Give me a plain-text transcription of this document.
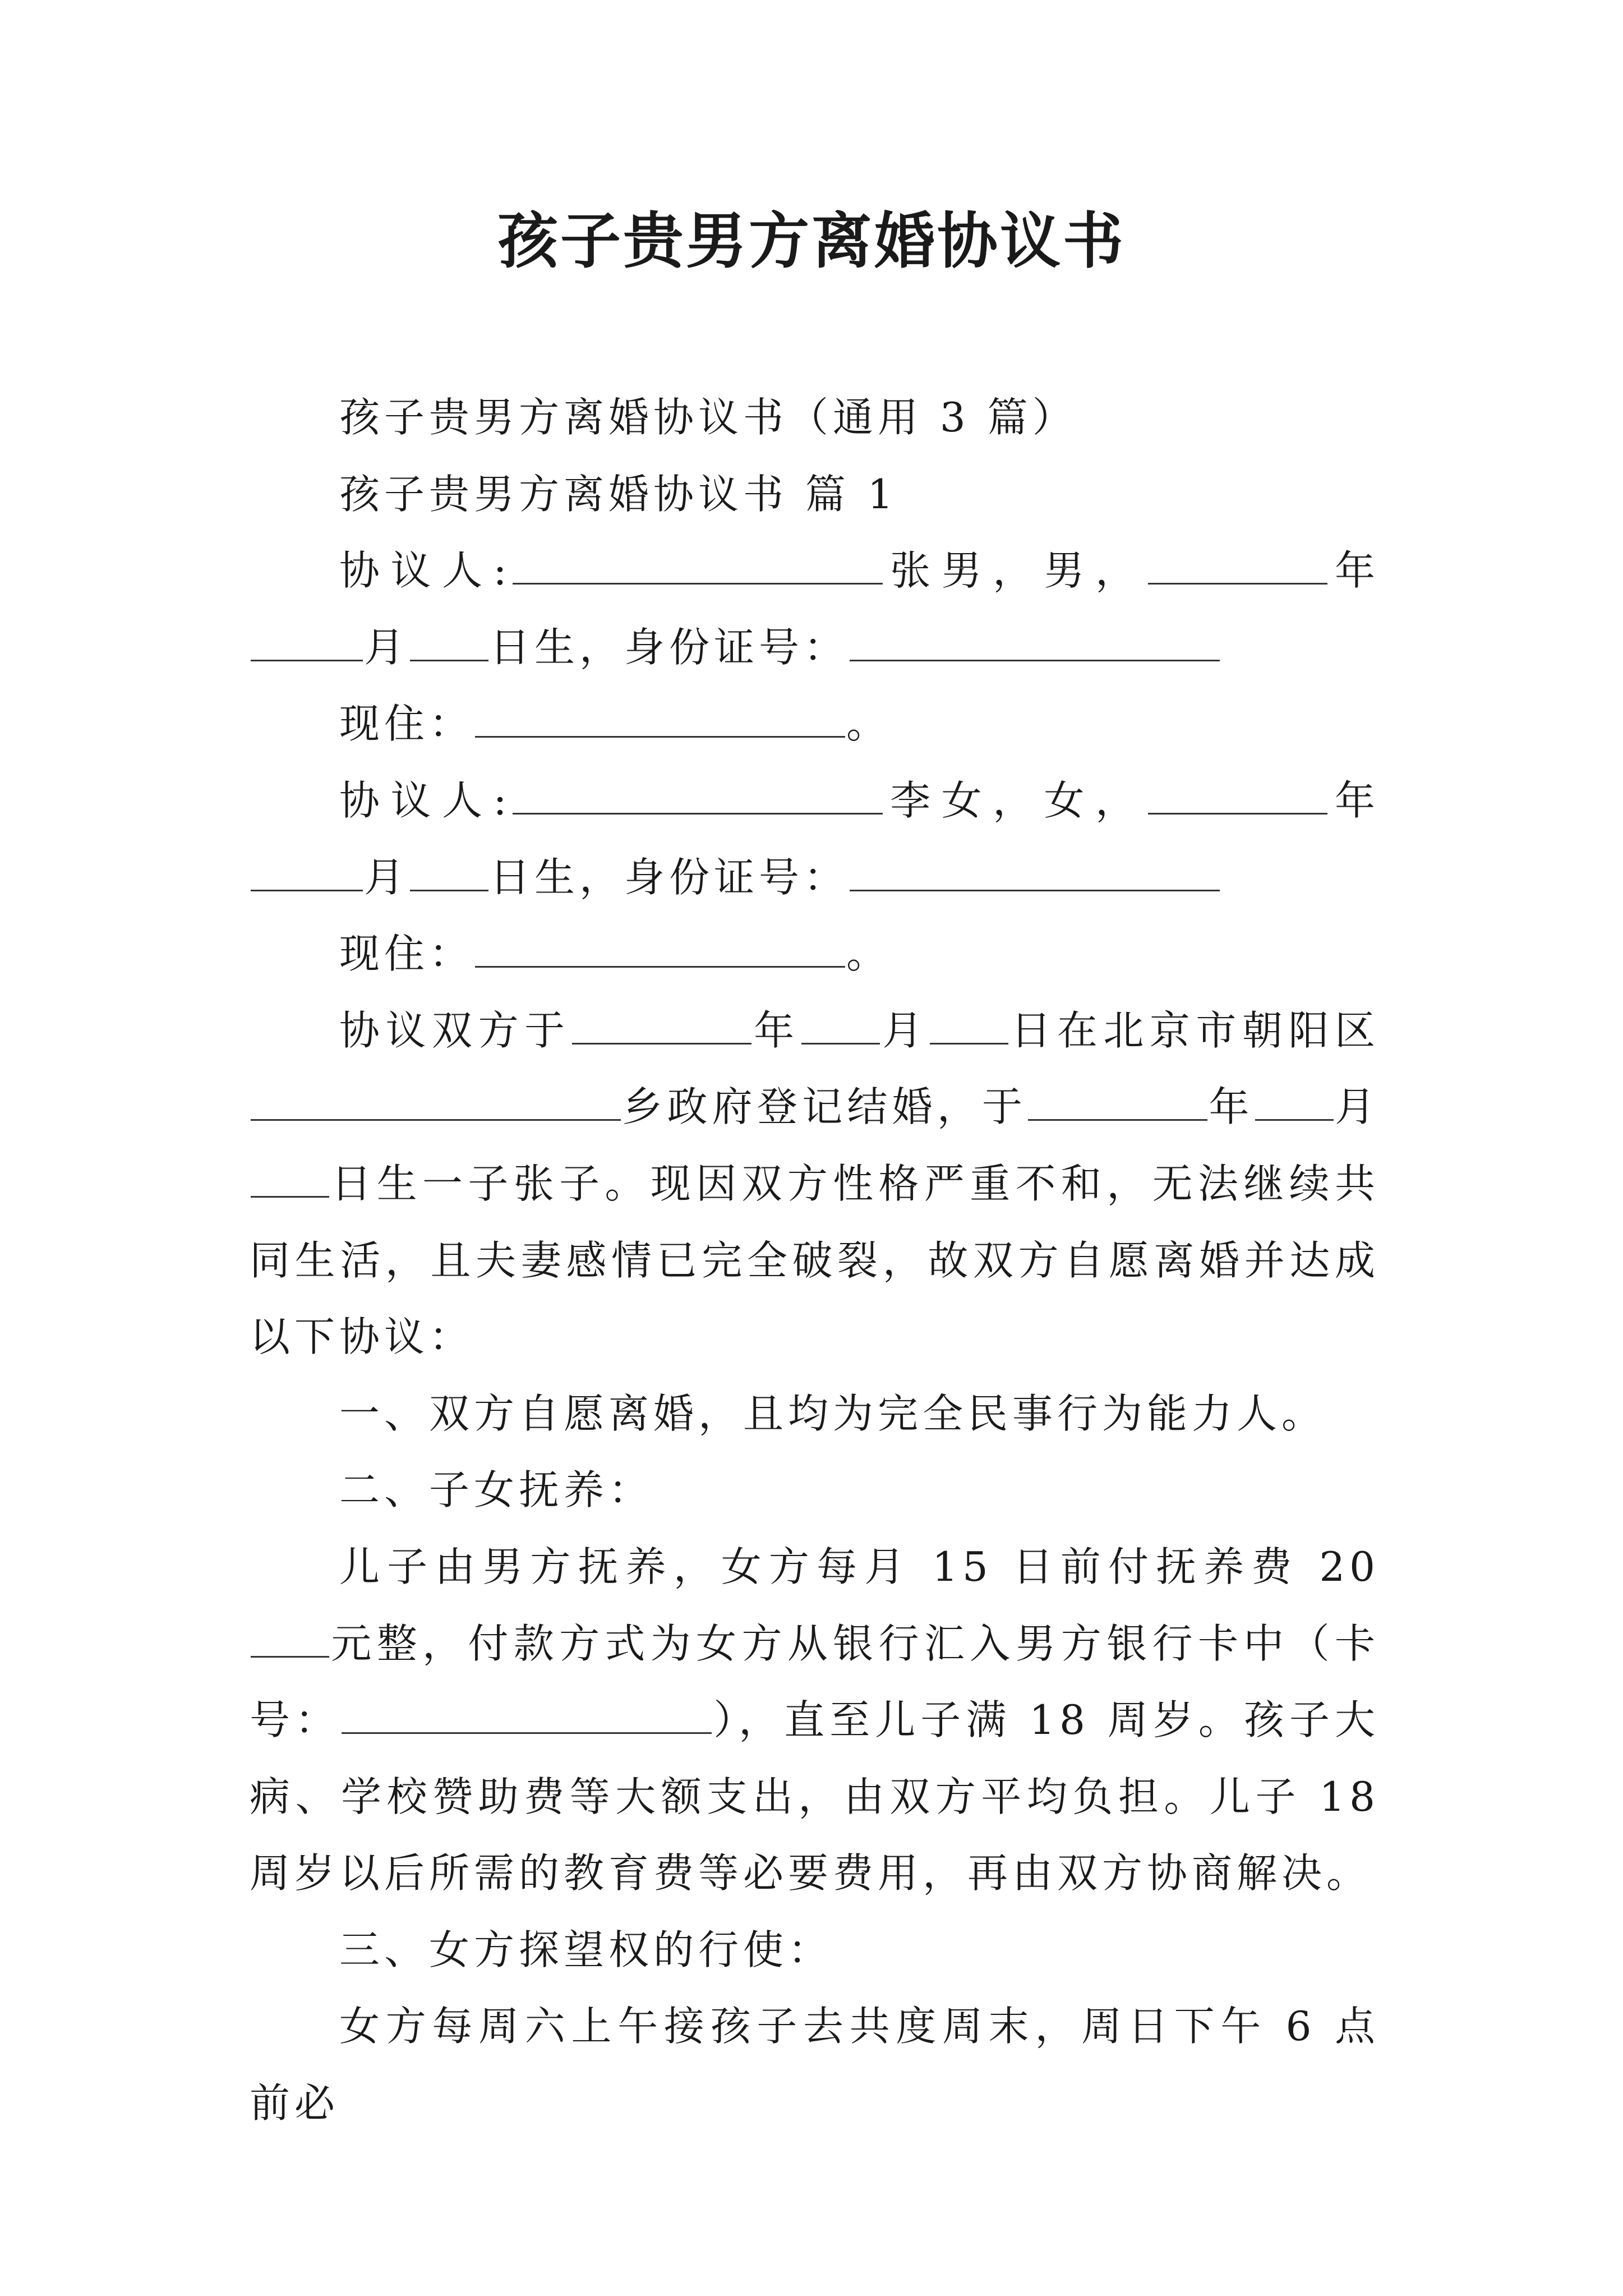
孩子贵男方离婚协议书

孩子贵男方离婚协议书（通用 3 篇）

孩子贵男方离婚协议书 篇 1

协议人:	张男，男，	年月 日生，身份证号：

现住：	。

协议人:	李女，女，	年月 日生，身份证号：

现住：	。

协议双方于	年 月 日在北京市朝阳区乡政府登记结婚，于	年 月日生一子张子。现因双方性格严重不和，无法继续共同生活，且夫妻感情已完全破裂，故双方自愿离婚并达成以下协议：

一、双方自愿离婚，且均为完全民事行为能力人。

二、子女抚养：

儿子由男方抚养，女方每月 15 日前付抚养费 20元整，付款方式为女方从银行汇入男方银行卡中（卡号：	），直至儿子满 18 周岁。孩子大病、学校赞助费等大额支出，由双方平均负担。儿子 18 周岁以后所需的教育费等必要费用，再由双方协商解决。

三、女方探望权的行使：

女方每周六上午接孩子去共度周末，周日下午 6 点前必
